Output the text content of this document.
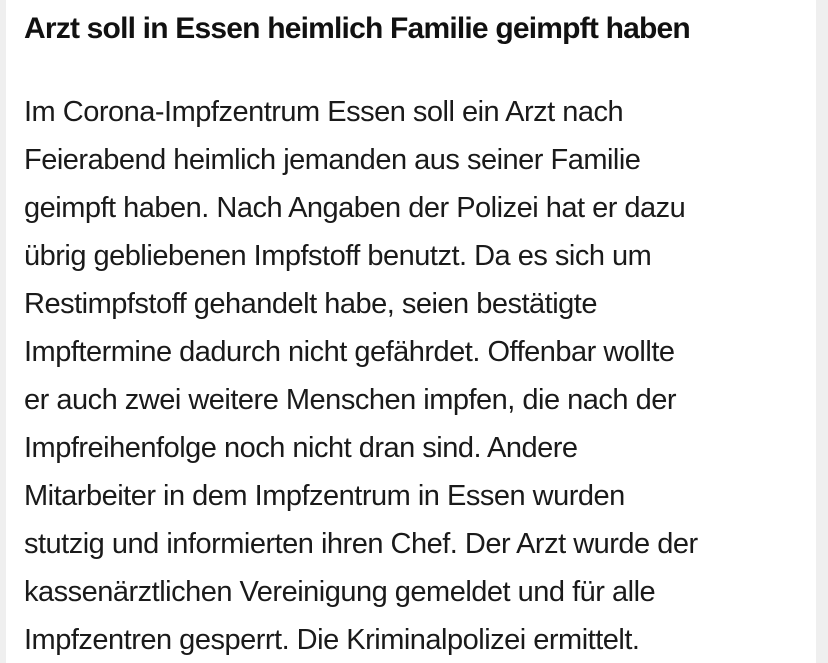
Arzt soll in Essen heimlich Familie geimpft haben
Im Corona-Impfzentrum Essen soll ein Arzt nach
Feierabend heimlich jemanden aus seiner Familie
geimpft haben. Nach Angaben der Polizei hat er dazu
übrig gebliebenen Impfstoff benutzt. Da es sich um
Restimpfstoff gehandelt habe, seien bestätigte
Impftermine dadurch nicht gefährdet. Offenbar wollte
er auch zwei weitere Menschen impfen, die nach der
Impfreihenfolge noch nicht dran sind. Andere
Mitarbeiter in dem Impfzentrum in Essen wurden
stutzig und informierten ihren Chef. Der Arzt wurde der
kassenärztlichen Vereinigung gemeldet und für alle
Impfzentren gesperrt. Die Kriminalpolizei ermittelt.
